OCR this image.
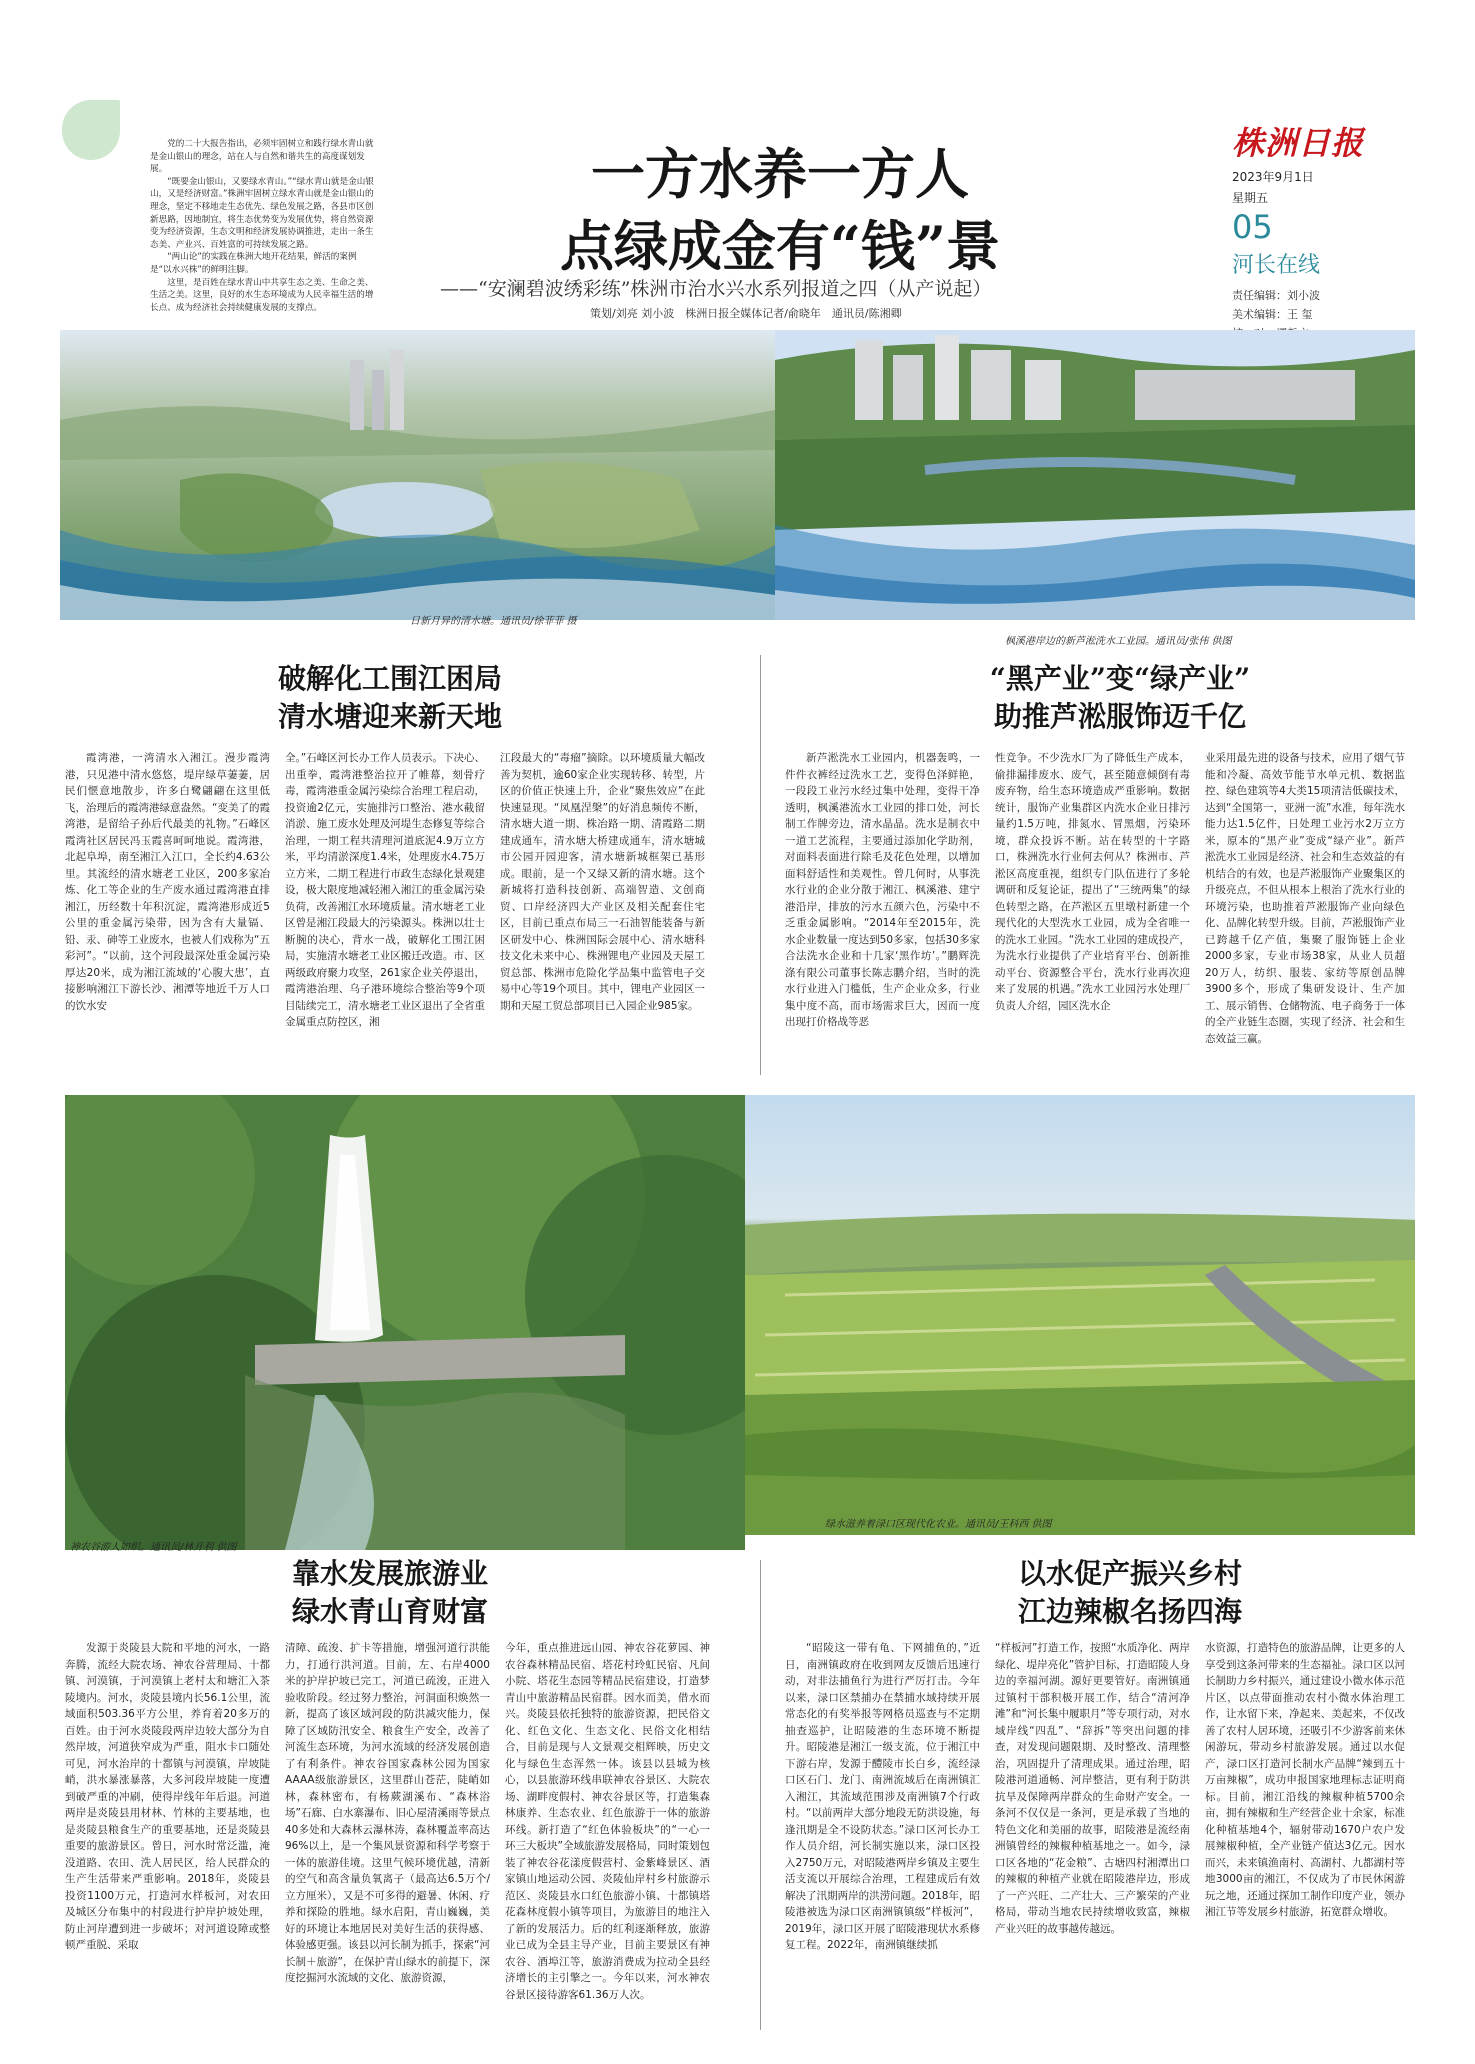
党的二十大报告指出，必须牢固树立和践行绿水青山就是金山银山的理念，站在人与自然和谐共生的高度谋划发展。

“既要金山银山，又要绿水青山。”“绿水青山就是金山银山，又是经济财富。”株洲牢固树立绿水青山就是金山银山的理念，坚定不移地走生态优先、绿色发展之路，各县市区创新思路，因地制宜，将生态优势变为发展优势，将自然资源变为经济资源，生态文明和经济发展协调推进，走出一条生态美、产业兴、百姓富的可持续发展之路。

“两山论”的实践在株洲大地开花结果，鲜活的案例是“以水兴株”的鲜明注脚。

这里，是百姓在绿水青山中共享生态之美、生命之美、生活之美。这里，良好的水生态环境成为人民幸福生活的增长点、成为经济社会持续健康发展的支撑点。

一方水养一方人
点绿成金有“钱”景
——“安澜碧波绣彩练”株洲市治水兴水系列报道之四（从产说起）
策划/刘亮 刘小波　株洲日报全媒体记者/俞晓年　通讯员/陈湘卿
株洲日报
2023年9月1日
星期五
05
河长在线
责任编辑：刘小波
美术编辑：王 玺
日新月异的清水塘。通讯员/徐菲菲 摄
枫溪港岸边的新芦淞洗水工业园。通讯员/张伟 供图
破解化工围江困局
清水塘迎来新天地
霞湾港，一湾清水入湘江。漫步霞湾港，只见港中清水悠悠，堤岸绿草萋萋，居民们惬意地散步，许多白鹭翩翩在这里低飞，治理后的霞湾港绿意盎然。“变美了的霞湾港，是留给子孙后代最美的礼物。”石峰区霞湾社区居民冯玉霞喜呵呵地说。霞湾港，北起阜埠，南至湘江入江口，全长约4.63公里。其流经的清水塘老工业区，200多家冶炼、化工等企业的生产废水通过霞湾港直排湘江，历经数十年积沉淀，霞湾港形成近5公里的重金属污染带，因为含有大量镉、铅、汞、砷等工业废水，也被人们戏称为“五彩河”。“以前，这个河段最深处重金属污染厚达20米，成为湘江流域的‘心腹大患’，直接影响湘江下游长沙、湘潭等地近千万人口的饮水安
全。”石峰区河长办工作人员表示。下决心、出重拳，霞湾港整治拉开了帷幕，刻骨疗毒，霞湾港重金属污染综合治理工程启动，投资逾2亿元，实施排污口整治、港水截留消淤、施工废水处理及河堤生态修复等综合治理，一期工程共清理河道底泥4.9万立方米，平均清淤深度1.4米，处理废水4.75万立方米，二期工程进行市政生态绿化景观建设，极大限度地减轻湘入湘江的重金属污染负荷，改善湘江水环境质量。清水塘老工业区曾是湘江段最大的污染源头。株洲以壮士断腕的决心，背水一战，破解化工围江困局，实施清水塘老工业区搬迁改造。市、区两级政府聚力攻坚，261家企业关停退出，霞湾港治理、乌子港环境综合整治等9个项目陆续完工，清水塘老工业区退出了全省重金属重点防控区，湘
江段最大的“毒瘤”摘除。以环境质量大幅改善为契机，逾60家企业实现转移、转型，片区的价值正快速上升，企业“聚焦效应”在此快速显现。“凤凰涅槃”的好消息频传不断，清水塘大道一期、株冶路一期、清霞路二期建成通车，清水塘大桥建成通车，清水塘城市公园开园迎客，清水塘新城框架已基形成。眼前，是一个又绿又新的清水塘。这个新城将打造科技创新、高端智造、文创商贸、口岸经济四大产业区及相关配套住宅区，目前已重点布局三一石油智能装备与新区研发中心、株洲国际会展中心、清水塘科技文化未来中心、株洲锂电产业园及天屋工贸总部、株洲市危险化学品集中监管电子交易中心等19个项目。其中，锂电产业园区一期和天屋工贸总部项目已入园企业985家。
“黑产业”变“绿产业”
助推芦淞服饰迈千亿
新芦淞洗水工业园内，机器轰鸣，一件件衣裤经过洗水工艺，变得色泽鲜艳，一段段工业污水经过集中处理，变得干净透明，枫溪港流水工业园的排口处，河长制工作牌旁边，清水晶晶。洗水是制衣中一道工艺流程，主要通过添加化学助剂，对面料表面进行除毛及花色处理，以增加面料舒适性和美观性。曾几何时，从事洗水行业的企业分散于湘江、枫溪港、建宁港沿岸，排放的污水五颜六色，污染中不乏重金属影响。“2014年至2015年，洗水企业数量一度达到50多家，包括30多家合法洗水企业和十几家‘黑作坊’。”鹏辉洗涤有限公司董事长陈志鹏介绍，当时的洗水行业进入门槛低，生产企业众多，行业集中度不高，而市场需求巨大，因而一度出现打价格战等恶
性竞争。不少洗水厂为了降低生产成本，偷排漏排废水、废气，甚至随意倾倒有毒废弃物，给生态环境造成严重影响。数据统计，服饰产业集群区内洗水企业日排污量约1.5万吨，排氮水、冒黑烟，污染环境，群众投诉不断。站在转型的十字路口，株洲洗水行业何去何从？株洲市、芦淞区高度重视，组织专门队伍进行了多轮调研和反复论证，提出了“三统两集”的绿色转型之路，在芦淞区五里墩村新建一个现代化的大型洗水工业园，成为全省唯一的洗水工业园。“洗水工业园的建成投产，为洗水行业提供了产业培育平台、创新推动平台、资源整合平台，洗水行业再次迎来了发展的机遇。”洗水工业园污水处理厂负责人介绍，园区洗水企
业采用最先进的设备与技术，应用了烟气节能和冷凝、高效节能节水单元机、数据监控、绿色建筑等4大类15项清洁低碳技术，达到“全国第一，亚洲一流”水准，每年洗水能力达1.5亿件，日处理工业污水2万立方米，原本的“黑产业”变成“绿产业”。新芦淞洗水工业园是经济、社会和生态效益的有机结合的有效，也是芦淞服饰产业聚集区的升级亮点，不但从根本上根治了洗水行业的环境污染，也助推着芦淞服饰产业向绿色化、品牌化转型升级。目前，芦淞服饰产业已跨越千亿产值，集聚了服饰链上企业2000多家，专业市场38家，从业人员超20万人，纺织、服装、家纺等原创品牌3900多个，形成了集研发设计、生产加工、展示销售、仓储物流、电子商务于一体的全产业链生态圈，实现了经济、社会和生态效益三赢。
神农谷游人如织。通讯员/林开利 供图
绿水滋养着渌口区现代化农业。通讯员/王科西 供图
靠水发展旅游业
绿水青山育财富
发源于炎陵县大院和平地的河水，一路奔腾，流经大院农场、神农谷营理局、十都镇、河漠镇，于河漠镇上老村太和塘汇入茶陵境内。河水，炎陵县境内长56.1公里，流域面积503.36平方公里，养育着20多万的百姓。由于河水炎陵段两岸边较大部分为自然岸坡，河道狭窄成为严重，阻水卡口随处可见，河水治岸的十都镇与河漠镇，岸坡陡峭，洪水暴涨暴落，大多河段岸坡陡一度遭到破严重的冲刷，使得岸线年年后退。河道两岸是炎陵县用材林、竹林的主要基地，也是炎陵县粮食生产的重要基地，还是炎陵县重要的旅游景区。曾日，河水时常泛滥，淹没道路、农田、洗人居民区，给人民群众的生产生活带来严重影响。2018年，炎陵县投资1100万元，打造河水样板河，对农田及城区分布集中的村段进行护岸护坡处理，防止河岸遭到进一步破坏；对河道设障或整顿严重脱、采取
清障、疏浚、扩卡等措施，增强河道行洪能力，打通行洪河道。目前，左、右岸4000米的护岸护坡已完工，河道已疏浚，正进入验收阶段。经过努力整治，河洞面积焕然一新，提高了该区域河段的防洪减灾能力，保障了区域防汛安全、粮食生产安全，改善了河流生态环境，为河水流域的经济发展创造了有利条件。神农谷国家森林公园为国家AAAA级旅游景区，这里群山苍茫，陡峭如林，森林密布，有杨蕨湖溪布、“森林浴场”石廊、白水寨瀑布、旧心屋清溪雨等景点40多处和大森林云瀑林涛，森林覆盖率高达96%以上，是一个集风景资源和科学考察于一体的旅游佳境。这里气候环境优越，清新的空气和高含量负氧离子（最高达6.5万个/立方厘米），又是不可多得的避暑、休闲、疗养和探险的胜地。绿水启阳，青山巍巍，美好的环境让本地居民对美好生活的获得感、体验感更强。该县以河长制为抓手，探索“河长制＋旅游”，在保护青山绿水的前提下，深度挖掘河水流域的文化、旅游资源，
今年，重点推进远山园、神农谷花萝园、神农谷森林精品民宿、塔花村玲虹民宿、凡间小院、塔花生态园等精品民宿建设，打造梦青山中旅游精品民宿群。因水而美，借水而兴。炎陵县依托独特的旅游资源，把民俗文化、红色文化、生态文化、民俗文化相结合，目前是现与人文景观交相辉映，历史文化与绿色生态浑然一体。该县以县城为核心，以县旅游环线串联神农谷景区、大院农场、湖畔度假村、神农谷景区等，打造集森林康养、生态农业、红色旅游于一体的旅游环线。新打造了“红色体验板块”的“一心一环三大板块”全域旅游发展格局，同时策划包装了神农谷花漾度假营村、金紫峰景区、酒家镇山地运动公园、炎陵仙岸村乡村旅游示范区、炎陵县水口红色旅游小镇、十都镇塔花森林度假小镇等项目，为旅游目的地注入了新的发展活力。后的红利逐渐释放，旅游业已成为全县主导产业，目前主要景区有神农谷、酒埠江等，旅游消费成为拉动全县经济增长的主引擎之一。今年以来，河水神农谷景区接待游客61.36万人次。
以水促产振兴乡村
江边辣椒名扬四海
“昭陵这一带有龟、下网捕鱼的，”近日，南洲镇政府在收到网友反馈后迅速行动，对非法捕鱼行为进行严厉打击。今年以来，渌口区禁捕办在禁捕水域持续开展常态化的有奖举报等网格员巡查与不定期抽查巡护，让昭陵港的生态环境不断提升。昭陵港是湘江一级支流，位于湘江中下游右岸，发源于醴陵市长白乡，流经渌口区石门、龙门、南洲流域后在南洲镇汇入湘江，其流域范围涉及南洲镇7个行政村。“以前两岸大部分地段无防洪设施，每逢汛期是全不设防状态。”渌口区河长办工作人员介绍，河长制实施以来，渌口区投入2750万元，对昭陵港两岸乡镇及主要生活支流以开展综合治理，工程建成后有效解决了汛期两岸的洪涝问题。2018年，昭陵港被选为渌口区南洲镇镇级“样板河”，2019年，渌口区开展了昭陵港现状水系修复工程。2022年，南洲镇继续抓
“样板河”打造工作，按照“水质净化、两岸绿化、堤岸亮化”管护目标，打造昭陵人身边的幸福河湖。源好更要管好。南洲镇通过镇村干部积极开展工作，结合“清河净滩”和“河长集中履职月”等专项行动，对水域岸线“四乱”、“辞拆”等突出问题的排查，对发现问题限期、及时整改、清理整治，巩固提升了清理成果。通过治理，昭陵港河道通畅、河岸整洁，更有利于防洪抗旱及保障两岸群众的生命财产安全。一条河不仅仅是一条河，更是承载了当地的特色文化和美丽的故事，昭陵港是流经南洲镇曾经的辣椒种植基地之一。如今，渌口区各地的“花金粮”、古塘四村湘潭出口的辣椒的种植产业就在昭陵港岸边，形成了一产兴旺、二产壮大、三产繁荣的产业格局，带动当地农民持续增收致富，辣椒产业兴旺的故事越传越远。
水资源，打造特色的旅游品牌，让更多的人享受到这条河带来的生态福祉。渌口区以河长制助力乡村振兴，通过建设小微水体示范片区，以点带面推动农村小微水体治理工作，让水留下来，净起来、美起来，不仅改善了农村人居环境，还吸引不少游客前来休闲游玩，带动乡村旅游发展。通过以水促产，渌口区打造河长制水产品牌“辣到五十万亩辣椒”，成功申报国家地理标志证明商标。目前，湘江沿线的辣椒种植5700余亩，拥有辣椒和生产经营企业十余家，标准化种植基地4个，辐射带动1670户农户发展辣椒种植，全产业链产值达3亿元。因水而兴，未来镇渔南村、高湖村、九都湖村等地3000亩的湘江，不仅成为了市民休闲游玩之地，还通过探加工制作印度产业，领办湘江节等发展乡村旅游，拓宽群众增收。
